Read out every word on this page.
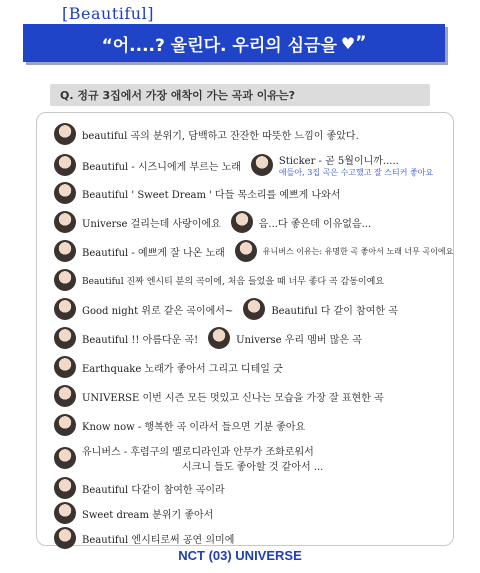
[Beautiful]
“어....? 울린다. 우리의 심금을 ♥ ”
Q. 정규 3집에서 가장 애착이 가는 곡과 이유는?
beautiful 곡의 분위기, 담백하고 잔잔한 따뜻한 느낌이 좋았다.
Beautiful - 시즈니에게 부르는 노래	Sticker - 곧 5월이니까.....
애들아, 3집 곡은 수고했고 잘 스티커 좋아요
Beautiful ' Sweet Dream ' 다들 목소리를 예쁘게 나와서
Universe 걸리는데 사랑이에요	음...다 좋은데 이유없음...
Beautiful - 예쁘게 잘 나온 노래	유니버스 이유는: 유명한 곡 좋아서 노래 너무 곡이에요
Beautiful 진짜 엔시티 분의 곡이에, 처음 들었을 때 너무 좋다 곡 감동이예요
Good night 위로 같은 곡이에서~	Beautiful 다 같이 참여한 곡
Beautiful !! 아름다운 곡!	Universe 우리 멤버 많은 곡
Earthquake 노래가 좋아서 그리고 디테일 굿
UNIVERSE 이번 시즌 모든 멋있고 신나는 모습을 가장 잘 표현한 곡
Know now - 행복한 곡 이라서 들으면 기분 좋아요
유니버스 - 후렴구의 멜로디라인과 안무가 조화로워서
시크니 들도 좋아할 것 같아서 ...
Beautiful 다같이 참여한 곡이라
Sweet dream 분위기 좋아서
Beautiful 엔시티로써 공연 의미에
NCT (03) UNIVERSE
